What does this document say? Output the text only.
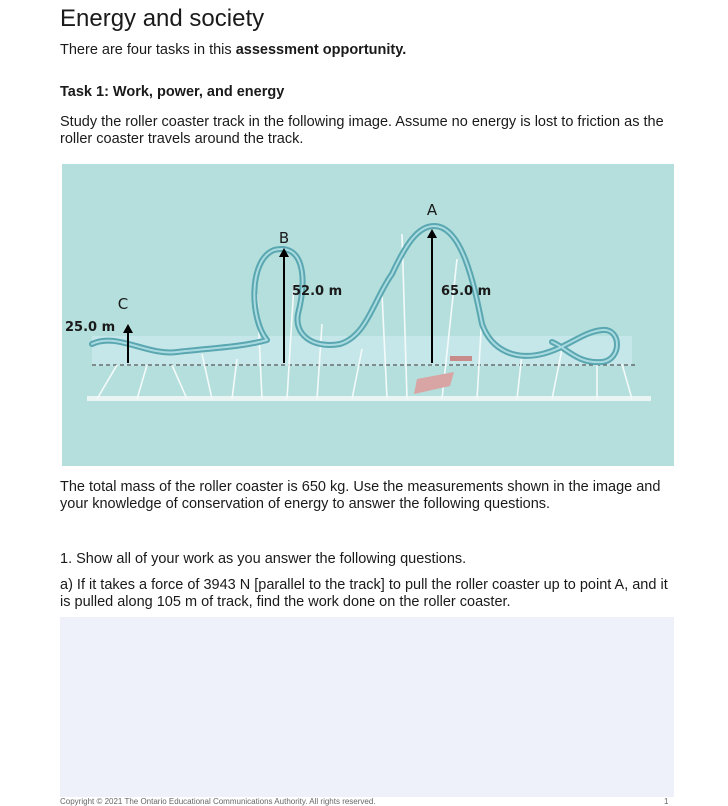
Energy and society
There are four tasks in this assessment opportunity.
Task 1: Work, power, and energy
Study the roller coaster track in the following image. Assume no energy is lost to friction as the roller coaster travels around the track.
A
B
C
52.0 m	65.0 m
25.0 m
The total mass of the roller coaster is 650 kg. Use the measurements shown in the image and your knowledge of conservation of energy to answer the following questions.
1. Show all of your work as you answer the following questions.
a) If it takes a force of 3943 N [parallel to the track] to pull the roller coaster up to point A, and it is pulled along 105 m of track, find the work done on the roller coaster.
Copyright © 2021 The Ontario Educational Communications Authority. All rights reserved.	1
